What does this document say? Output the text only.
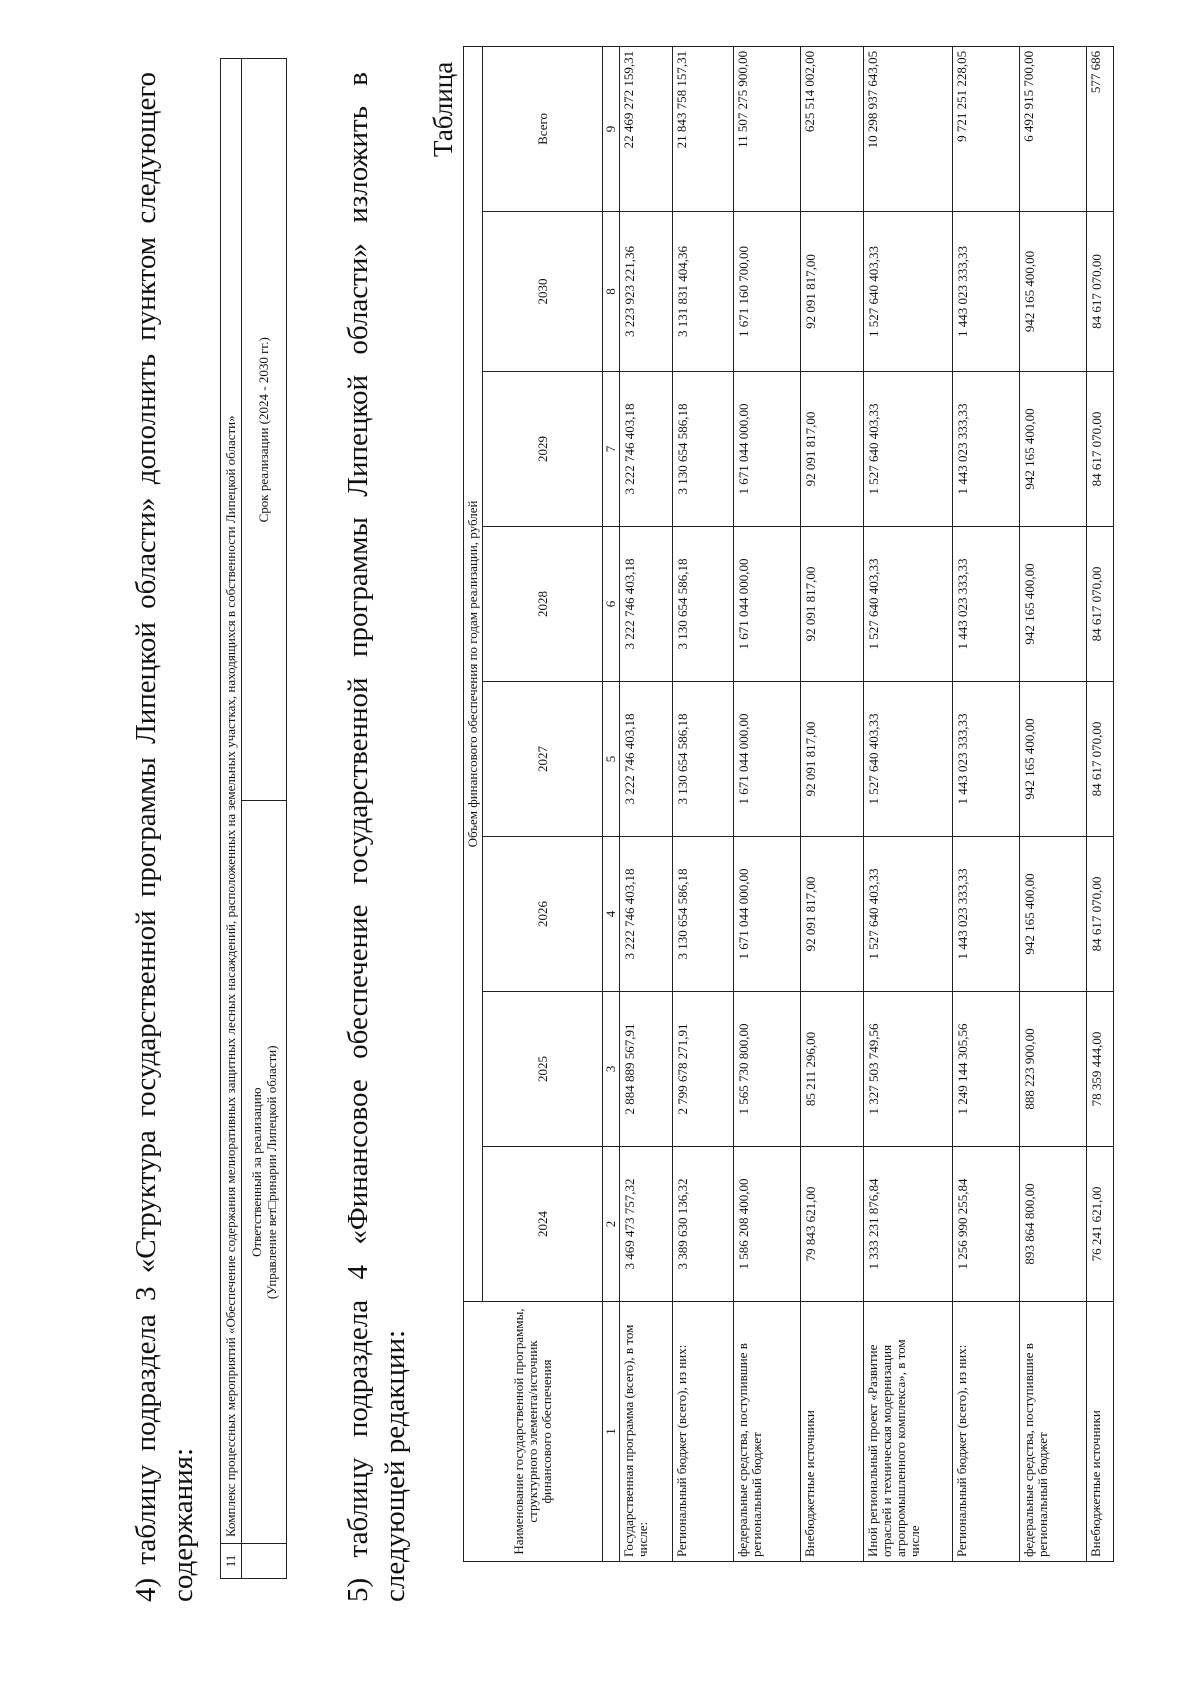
4) таблицу подраздела 3 «Структура государственной программы Липецкой области» дополнить пунктом следующего содержания: 11	Комплекс процессных мероприятий «Обеспечение содержания мелиоративных защитных лесных насаждений, расположенных на земельных участках, находящихся в собственности Липецкой области»	

	Ответственный за реализацию (Управление вет□ринарии Липецкой области)	Срок реализации (2024 - 2030 гг.) 5) таблицу подраздела 4 «Финансовое обеспечение государственной программы Липецкой области» изложить в следующей редакции:

Таблица

Наименование государственной программы, структурного элемента/источник финансового обеспечения	Объем финансового обеспечения по годам реализации, рублей							
	2024	2025	2026	2027	2028	2029	2030	Всего
1	2	3	4	5	6	7	8	9
Государственная программа (всего), в том числе:	3 469 473 757,32	2 884 889 567,91	3 222 746 403,18	3 222 746 403,18	3 222 746 403,18	3 222 746 403,18	3 223 923 221,36	22 469 272 159,31
Региональный бюджет (всего), из них:	3 389 630 136,32	2 799 678 271,91	3 130 654 586,18	3 130 654 586,18	3 130 654 586,18	3 130 654 586,18	3 131 831 404,36	21 843 758 157,31
федеральные средства, поступившие в региональный бюджет	1 586 208 400,00	1 565 730 800,00	1 671 044 000,00	1 671 044 000,00	1 671 044 000,00	1 671 044 000,00	1 671 160 700,00	11 507 275 900,00
Внебюджетные источники	79 843 621,00	85 211 296,00	92 091 817,00	92 091 817,00	92 091 817,00	92 091 817,00	92 091 817,00	625 514 002,00
Иной региональный проект «Развитие отраслей и техническая модернизация агропромышленного комплекса», в том числе	1 333 231 876,84	1 327 503 749,56	1 527 640 403,33	1 527 640 403,33	1 527 640 403,33	1 527 640 403,33	1 527 640 403,33	10 298 937 643,05
Региональный бюджет (всего), из них:	1 256 990 255,84	1 249 144 305,56	1 443 023 333,33	1 443 023 333,33	1 443 023 333,33	1 443 023 333,33	1 443 023 333,33	9 721 251 228,05
федеральные средства, поступившие в региональный бюджет	893 864 800,00	888 223 900,00	942 165 400,00	942 165 400,00	942 165 400,00	942 165 400,00	942 165 400,00	6 492 915 700,00
Внебюджетные источники	76 241 621,00	78 359 444,00	84 617 070,00	84 617 070,00	84 617 070,00	84 617 070,00	84 617 070,00	577 686
